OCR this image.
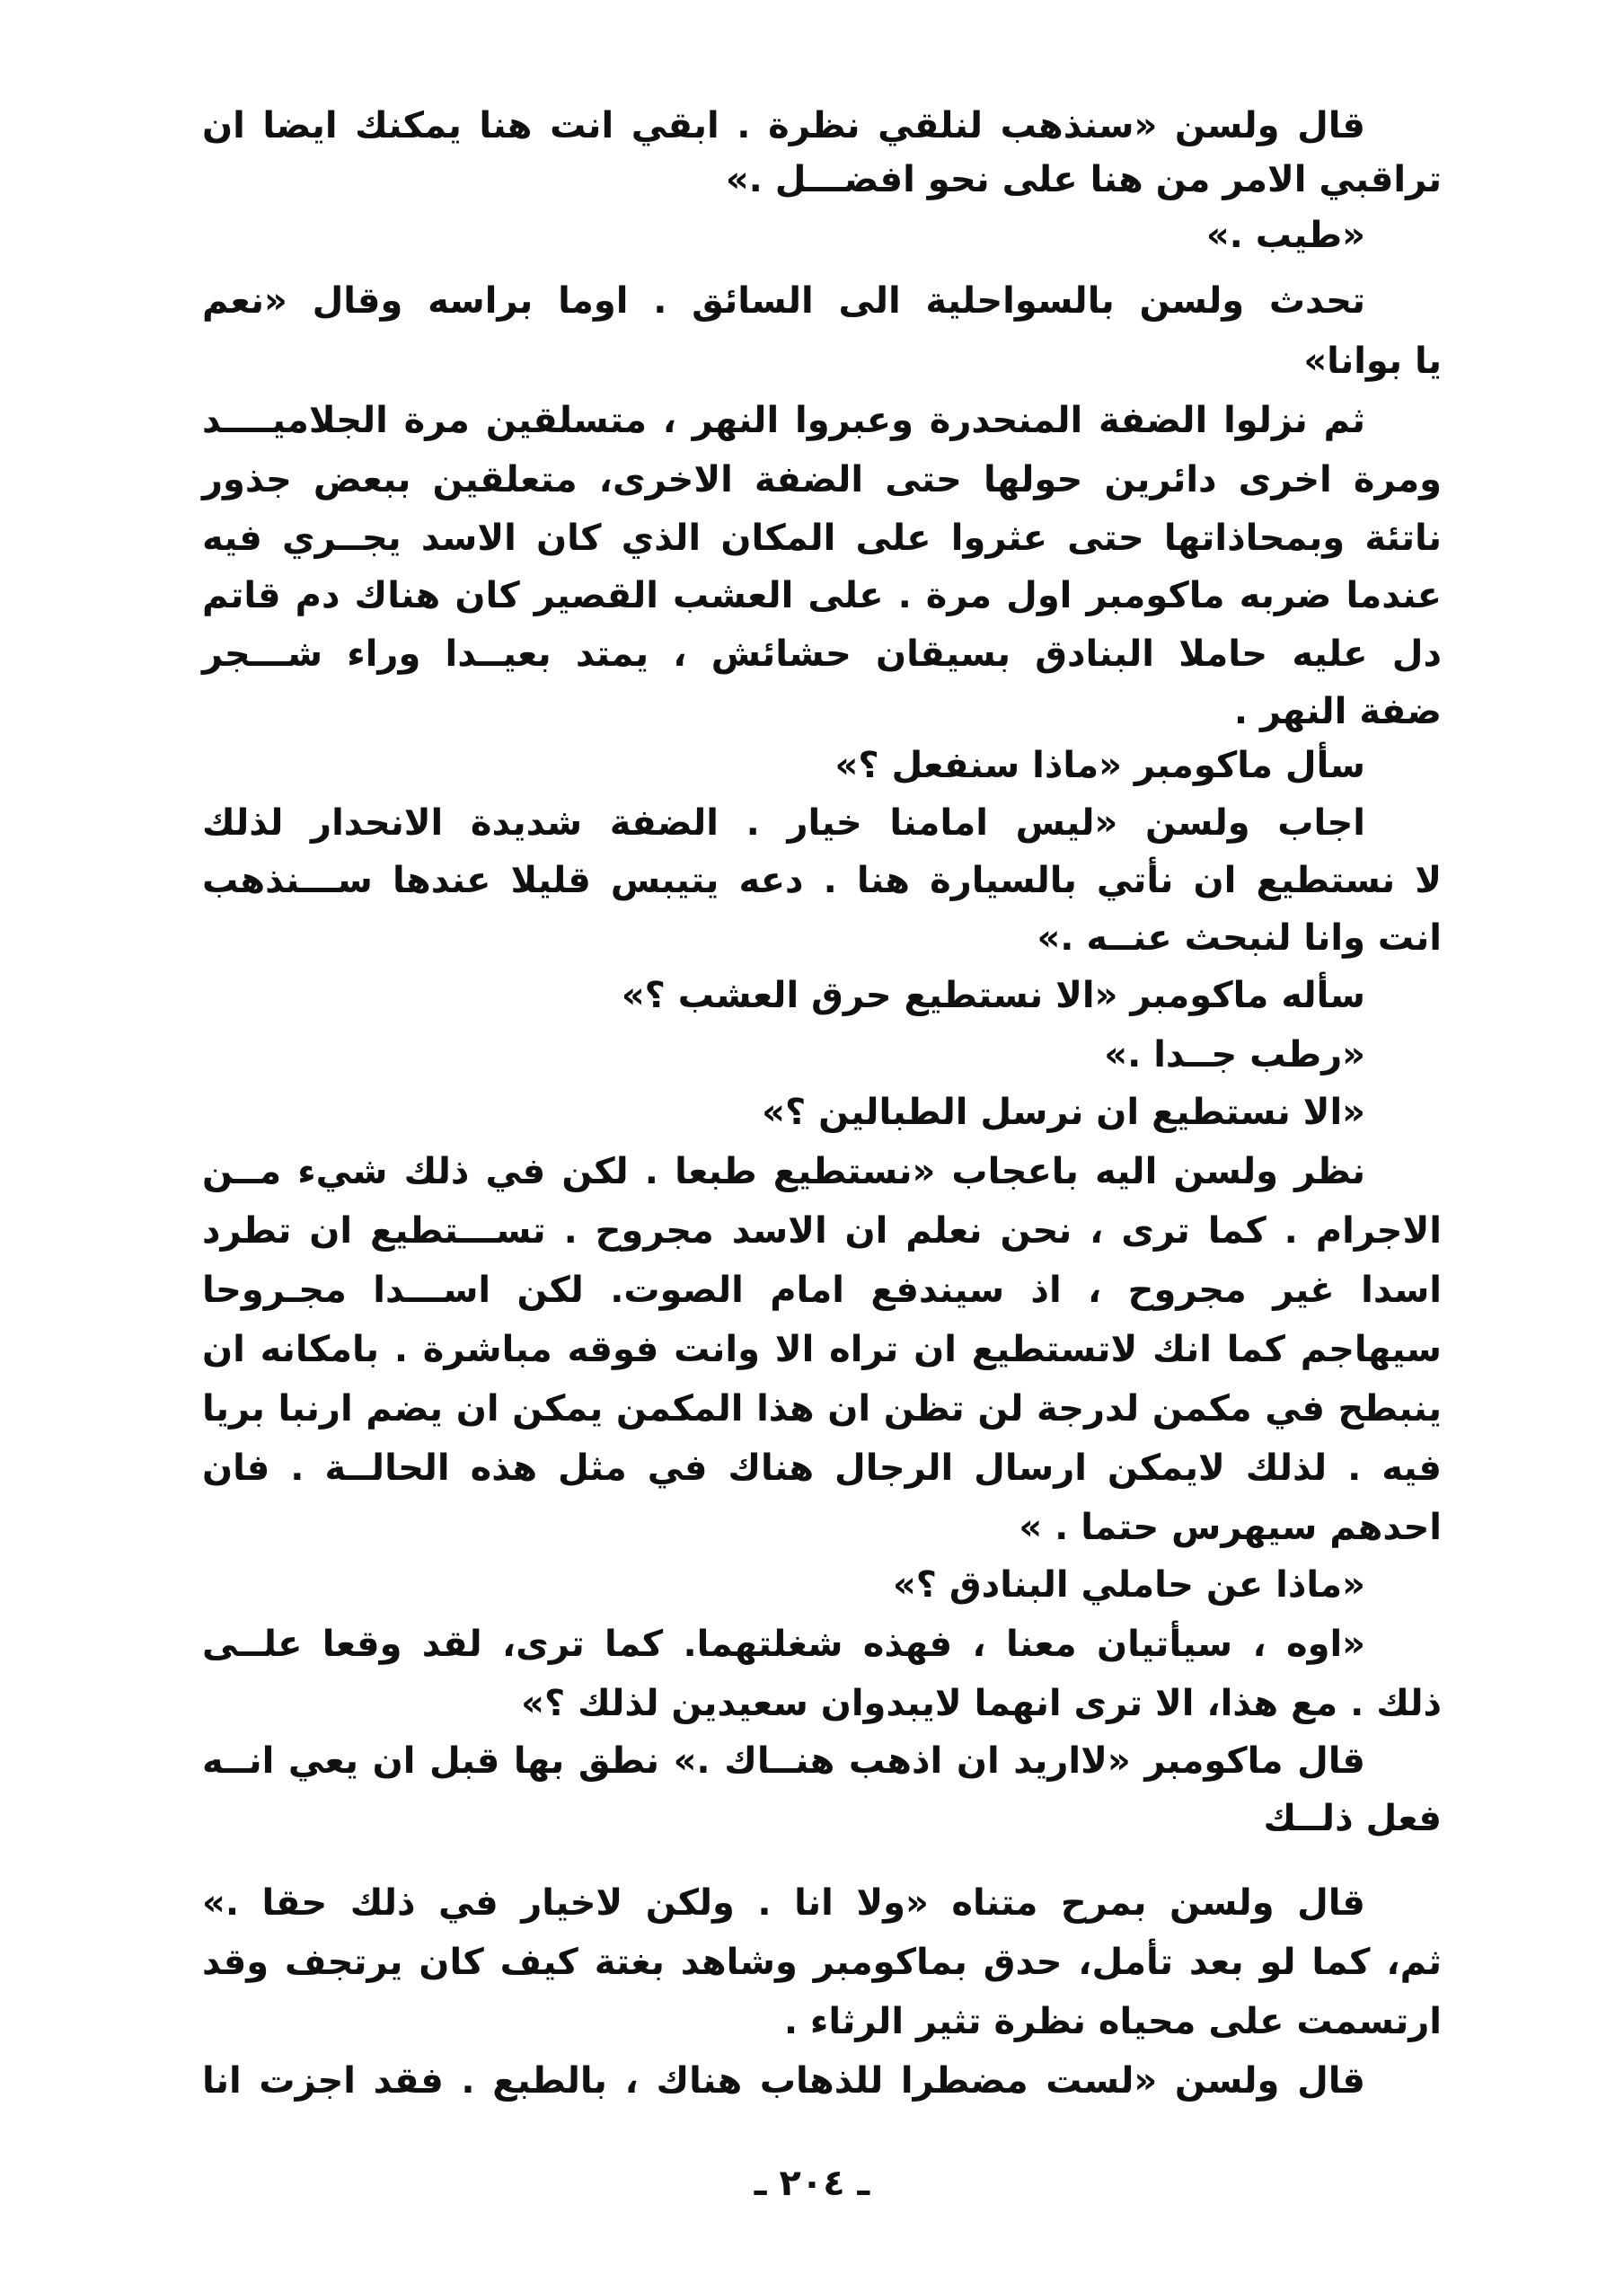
قال ولسن «سنذهب لنلقي نظرة . ابقي انت هنا يمكنك ايضا ان
تراقبي الامر من هنا على نحو افضـــل .»
«طيب .»
تحدث ولسن بالسواحلية الى السائق . اوما براسه وقال «نعم
يا بوانا»
ثم نزلوا الضفة المنحدرة وعبروا النهر ، متسلقين مرة الجلاميــــد
ومرة اخرى دائرين حولها حتى الضفة الاخرى، متعلقين ببعض جذور
ناتئة وبمحاذاتها حتى عثروا على المكان الذي كان الاسد يجــري فيه
عندما ضربه ماكومبر اول مرة . على العشب القصير كان هناك دم قاتم
دل عليه حاملا البنادق بسيقان حشائش ، يمتد بعيــدا وراء شـــجر
ضفة النهر .
سأل ماكومبر «ماذا سنفعل ؟»
اجاب ولسن «ليس امامنا خيار . الضفة شديدة الانحدار لذلك
لا نستطيع ان نأتي بالسيارة هنا . دعه يتيبس قليلا عندها ســـنذهب
انت وانا لنبحث عنــه .»
سأله ماكومبر «الا نستطيع حرق العشب ؟»
«رطب جــدا .»
«الا نستطيع ان نرسل الطبالين ؟»
نظر ولسن اليه باعجاب «نستطيع طبعا . لكن في ذلك شيء مــن
الاجرام . كما ترى ، نحن نعلم ان الاسد مجروح . تســـتطيع ان تطرد
اسدا غير مجروح ، اذ سيندفع امام الصوت. لكن اســـدا مجـروحا
سيهاجم كما انك لاتستطيع ان تراه الا وانت فوقه مباشرة . بامكانه ان
ينبطح في مكمن لدرجة لن تظن ان هذا المكمن يمكن ان يضم ارنبا بريا
فيه . لذلك لايمكن ارسال الرجال هناك في مثل هذه الحالــة . فان
احدهم سيهرس حتما . »
«ماذا عن حاملي البنادق ؟»
«اوه ، سيأتيان معنا ، فهذه شغلتهما. كما ترى، لقد وقعا علــى
ذلك . مع هذا، الا ترى انهما لايبدوان سعيدين لذلك ؟»
قال ماكومبر «لااريد ان اذهب هنــاك .» نطق بها قبل ان يعي انــه
فعل ذلــك
قال ولسن بمرح متناه «ولا انا . ولكن لاخيار في ذلك حقا .»
ثم، كما لو بعد تأمل، حدق بماكومبر وشاهد بغتة كيف كان يرتجف وقد
ارتسمت على محياه نظرة تثير الرثاء .
قال ولسن «لست مضطرا للذهاب هناك ، بالطبع . فقد اجزت انا
ـ ٢٠٤ ـ
